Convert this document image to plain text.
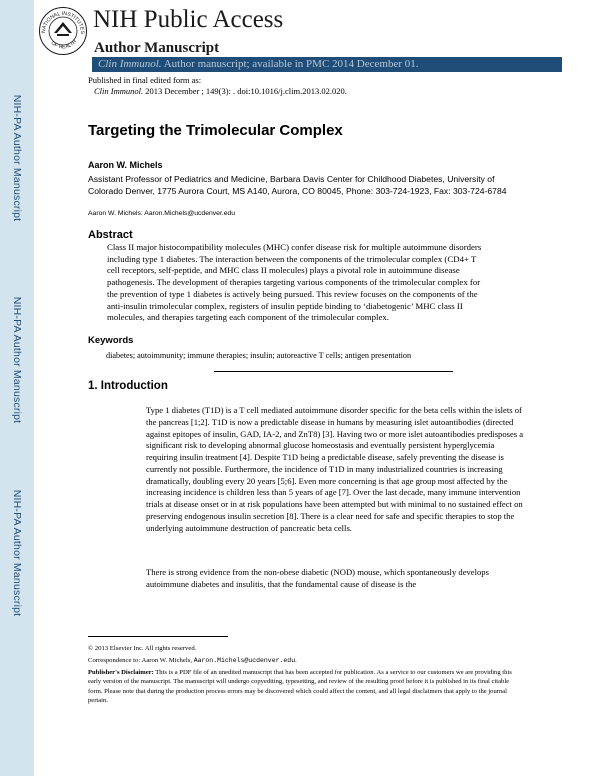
NIH-PA Author Manuscript
NIH-PA Author Manuscript
NIH-PA Author Manuscript
NATIONAL INSTITUTES
OF HEALTH
NIH Public Access
Author Manuscript
Clin Immunol. Author manuscript; available in PMC 2014 December 01.
Published in final edited form as:
Clin Immunol. 2013 December ; 149(3): . doi:10.1016/j.clim.2013.02.020.
Targeting the Trimolecular Complex
Aaron W. Michels
Assistant Professor of Pediatrics and Medicine, Barbara Davis Center for Childhood Diabetes, University of Colorado Denver, 1775 Aurora Court, MS A140, Aurora, CO 80045, Phone: 303-724-1923, Fax: 303-724-6784
Aaron W. Michels: Aaron.Michels@ucdenver.edu
Abstract

Class II major histocompatibility molecules (MHC) confer disease risk for multiple autoimmune disorders including type 1 diabetes. The interaction between the components of the trimolecular complex (CD4+ T cell receptors, self-peptide, and MHC class II molecules) plays a pivotal role in autoimmune disease pathogenesis. The development of therapies targeting various components of the trimolecular complex for the prevention of type 1 diabetes is actively being pursued. This review focuses on the components of the anti-insulin trimolecular complex, registers of insulin peptide binding to ‘diabetogenic’ MHC class II molecules, and therapies targeting each component of the trimolecular complex.

Keywords
diabetes; autoimmunity; immune therapies; insulin; autoreactive T cells; antigen presentation
1. Introduction

Type 1 diabetes (T1D) is a T cell mediated autoimmune disorder specific for the beta cells within the islets of the pancreas [1;2]. T1D is now a predictable disease in humans by measuring islet autoantibodies (directed against epitopes of insulin, GAD, IA-2, and ZnT8) [3]. Having two or more islet autoantibodies predisposes a significant risk to developing abnormal glucose homeostasis and eventually persistent hyperglycemia requiring insulin treatment [4]. Despite T1D being a predictable disease, safely preventing the disease is currently not possible. Furthermore, the incidence of T1D in many industrialized countries is increasing dramatically, doubling every 20 years [5;6]. Even more concerning is that age group most affected by the increasing incidence is children less than 5 years of age [7]. Over the last decade, many immune intervention trials at disease onset or in at risk populations have been attempted but with minimal to no sustained effect on preserving endogenous insulin secretion [8]. There is a clear need for safe and specific therapies to stop the underlying autoimmune destruction of pancreatic beta cells.

There is strong evidence from the non-obese diabetic (NOD) mouse, which spontaneously develops autoimmune diabetes and insulitis, that the fundamental cause of disease is the

© 2013 Elsevier Inc. All rights reserved.
Correspondence to: Aaron W. Michels, Aaron.Michels@ucdenver.edu.

Publisher's Disclaimer: This is a PDF file of an unedited manuscript that has been accepted for publication. As a service to our customers we are providing this early version of the manuscript. The manuscript will undergo copyediting, typesetting, and review of the resulting proof before it is published in its final citable form. Please note that during the production process errors may be discovered which could affect the content, and all legal disclaimers that apply to the journal pertain.
